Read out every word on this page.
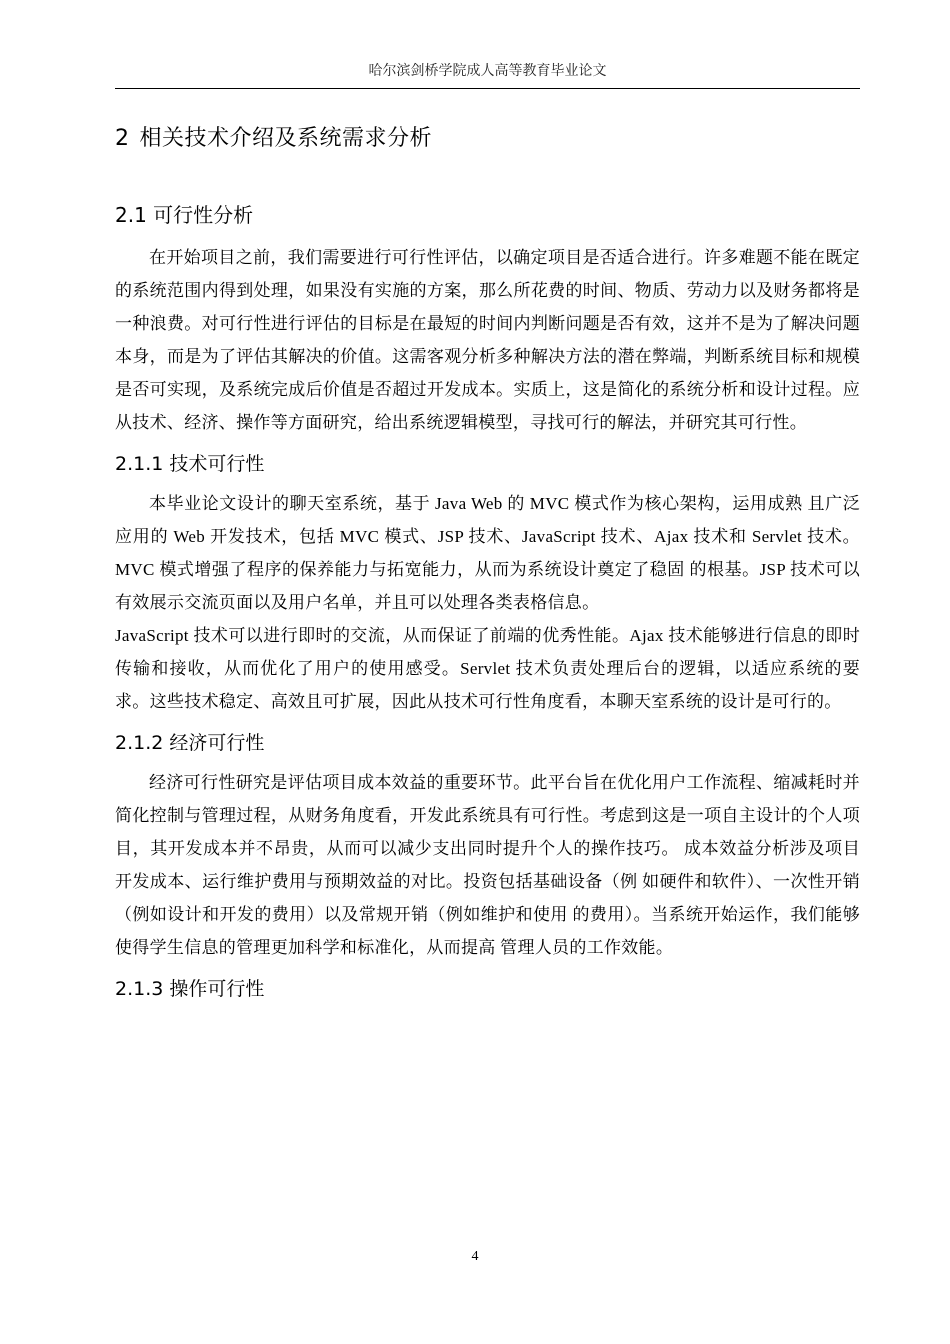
哈尔滨剑桥学院成人高等教育毕业论文
2 相关技术介绍及系统需求分析
2.1 可行性分析

在开始项目之前，我们需要进行可行性评估，以确定项目是否适合进行。许多难题不能在既定的系统范围内得到处理，如果没有实施的方案，那么所花费的时间、物质、劳动力以及财务都将是一种浪费。对可行性进行评估的目标是在最短的时间内判断问题是否有效，这并不是为了解决问题本身，而是为了评估其解决的价值。这需客观分析多种解决方法的潜在弊端，判断系统目标和规模是否可实现，及系统完成后价值是否超过开发成本。实质上，这是简化的系统分析和设计过程。应从技术、经济、操作等方面研究，给出系统逻辑模型，寻找可行的解法，并研究其可行性。

2.1.1 技术可行性

本毕业论文设计的聊天室系统，基于 Java Web 的 MVC 模式作为核心架构，运用成熟 且广泛应用的 Web 开发技术，包括 MVC 模式、JSP 技术、JavaScript 技术、Ajax 技术和 Servlet 技术。MVC 模式增强了程序的保养能力与拓宽能力，从而为系统设计奠定了稳固 的根基。JSP 技术可以有效展示交流页面以及用户名单，并且可以处理各类表格信息。

JavaScript 技术可以进行即时的交流，从而保证了前端的优秀性能。Ajax 技术能够进行信息的即时传输和接收，从而优化了用户的使用感受。Servlet 技术负责处理后台的逻辑，以适应系统的要求。这些技术稳定、高效且可扩展，因此从技术可行性角度看，本聊天室系统的设计是可行的。

2.1.2 经济可行性

经济可行性研究是评估项目成本效益的重要环节。此平台旨在优化用户工作流程、缩减耗时并简化控制与管理过程，从财务角度看，开发此系统具有可行性。考虑到这是一项自主设计的个人项目，其开发成本并不昂贵，从而可以减少支出同时提升个人的操作技巧。 成本效益分析涉及项目开发成本、运行维护费用与预期效益的对比。投资包括基础设备（例 如硬件和软件）、一次性开销（例如设计和开发的费用）以及常规开销（例如维护和使用 的费用）。当系统开始运作，我们能够使得学生信息的管理更加科学和标准化，从而提高 管理人员的工作效能。

2.1.3 操作可行性
4
